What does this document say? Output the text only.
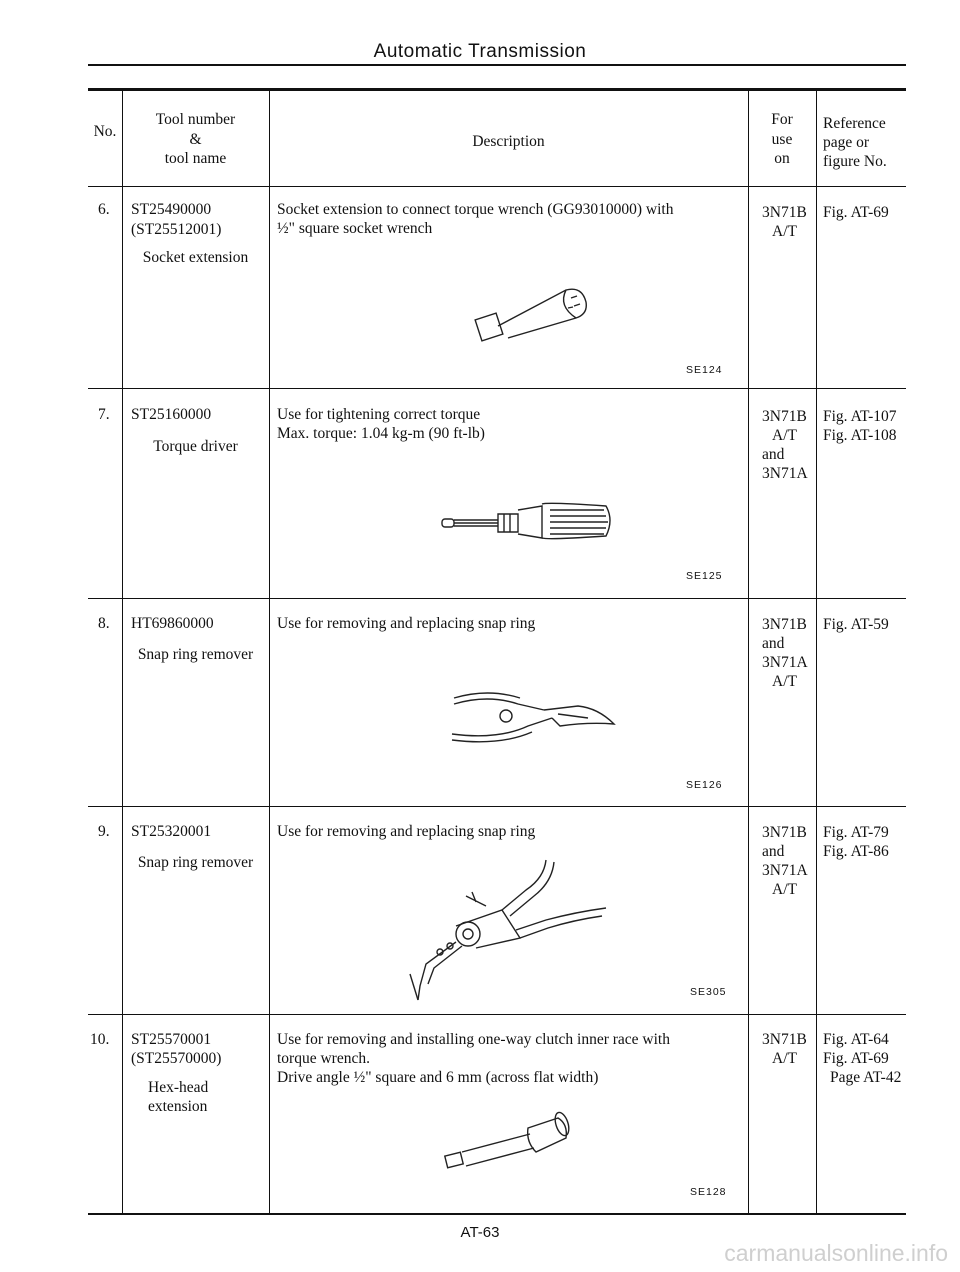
Automatic Transmission
No.
Tool number
&
tool name
Description
For
use
on
Reference
page or
figure No.
6. ST25490000
(ST25512001)
Socket extension
Socket extension to connect torque wrench (GG93010000) with
½" square socket wrench
3N71B
A/T
Fig. AT-69
SE124
7. ST25160000
Torque driver
Use for tightening correct torque
Max. torque: 1.04 kg-m (90 ft-lb)
3N71B
A/T
and
3N71A
Fig. AT-107
Fig. AT-108
SE125
8. HT69860000
Snap ring remover
Use for removing and replacing snap ring	3N71B
and
3N71A
A/T
Fig. AT-59
SE126
9. ST25320001
Snap ring remover
Use for removing and replacing snap ring	3N71B
and
3N71A
A/T
Fig. AT-79
Fig. AT-86
SE305
10. ST25570001
(ST25570000)
Hex-head
extension
Use for removing and installing one-way clutch inner race with
torque wrench.
Drive angle ½" square and 6 mm (across flat width)
3N71B
A/T
Fig. AT-64
Fig. AT-69
Page AT-42
SE128
AT-63
carmanualsonline.info
